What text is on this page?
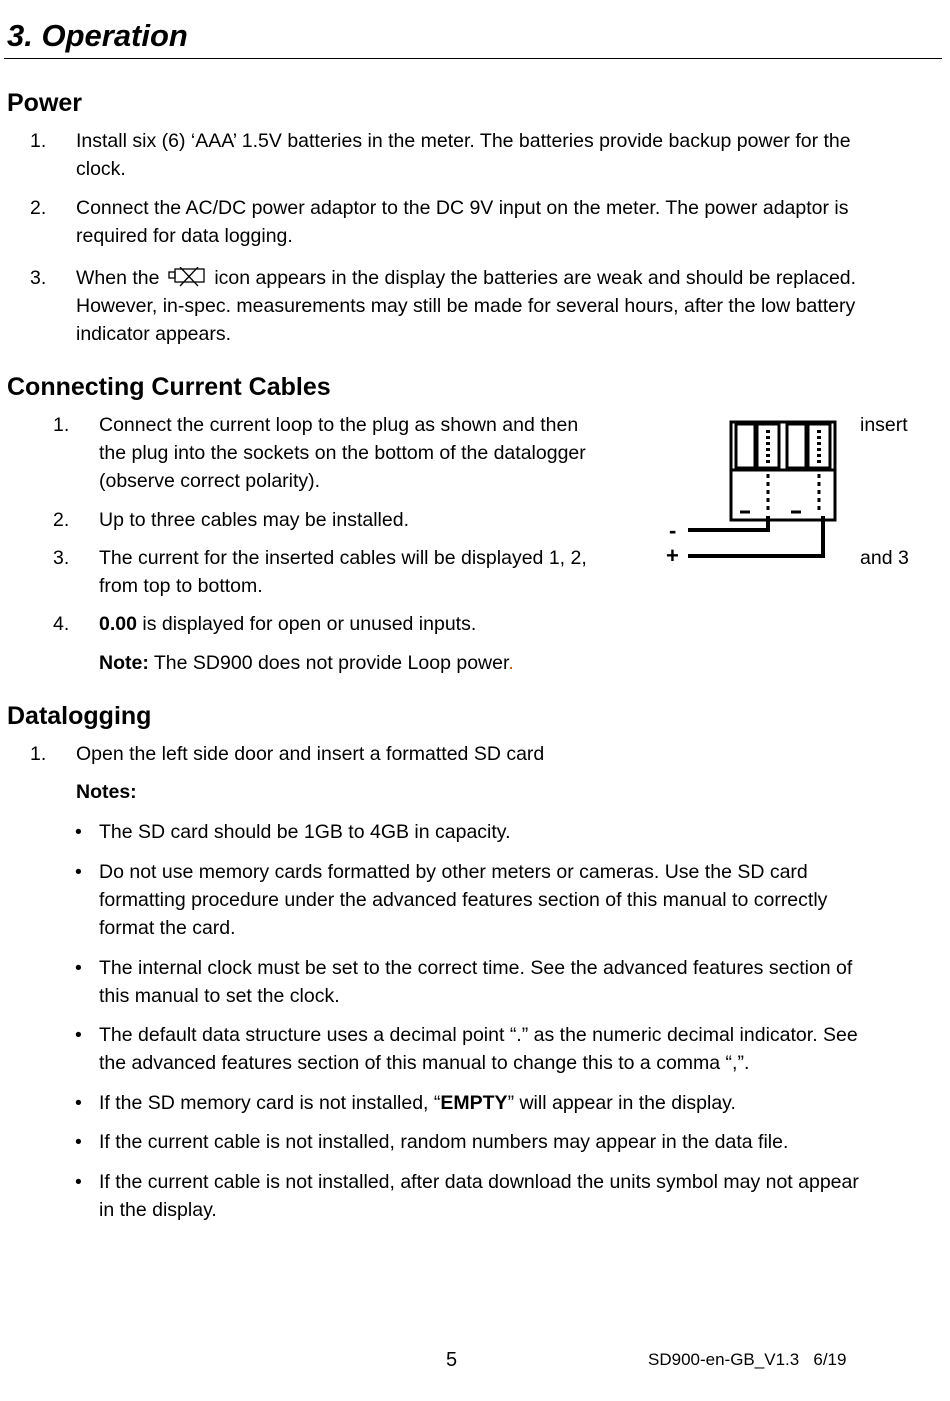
3. Operation
Power
1. Install six (6) ‘AAA’ 1.5V batteries in the meter. The batteries provide backup power for the
clock.
2. Connect the AC/DC power adaptor to the DC 9V input on the meter. The power adaptor is
required for data logging.
3. When the	icon appears in the display the batteries are weak and should be replaced.
However, in-spec. measurements may still be made for several hours, after the low battery
indicator appears.
Connecting Current Cables
1. Connect the current loop to the plug as shown and then
the plug into the sockets on the bottom of the datalogger
(observe correct polarity).
insert
2. Up to three cables may be installed.
3. The current for the inserted cables will be displayed 1, 2,
from top to bottom.
and 3
4. 0.00 is displayed for open or unused inputs.
Note: The SD900 does not provide Loop power.
-
+
Datalogging
1. Open the left side door and insert a formatted SD card
Notes:
• The SD card should be 1GB to 4GB in capacity.
• Do not use memory cards formatted by other meters or cameras. Use the SD card
formatting procedure under the advanced features section of this manual to correctly
format the card.
• The internal clock must be set to the correct time. See the advanced features section of
this manual to set the clock.
• The default data structure uses a decimal point “.” as the numeric decimal indicator. See
the advanced features section of this manual to change this to a comma “,”.
• If the SD memory card is not installed, “EMPTY” will appear in the display.
• If the current cable is not installed, random numbers may appear in the data file.
• If the current cable is not installed, after data download the units symbol may not appear
in the display.
5	SD900-en-GB_V1.3   6/19
